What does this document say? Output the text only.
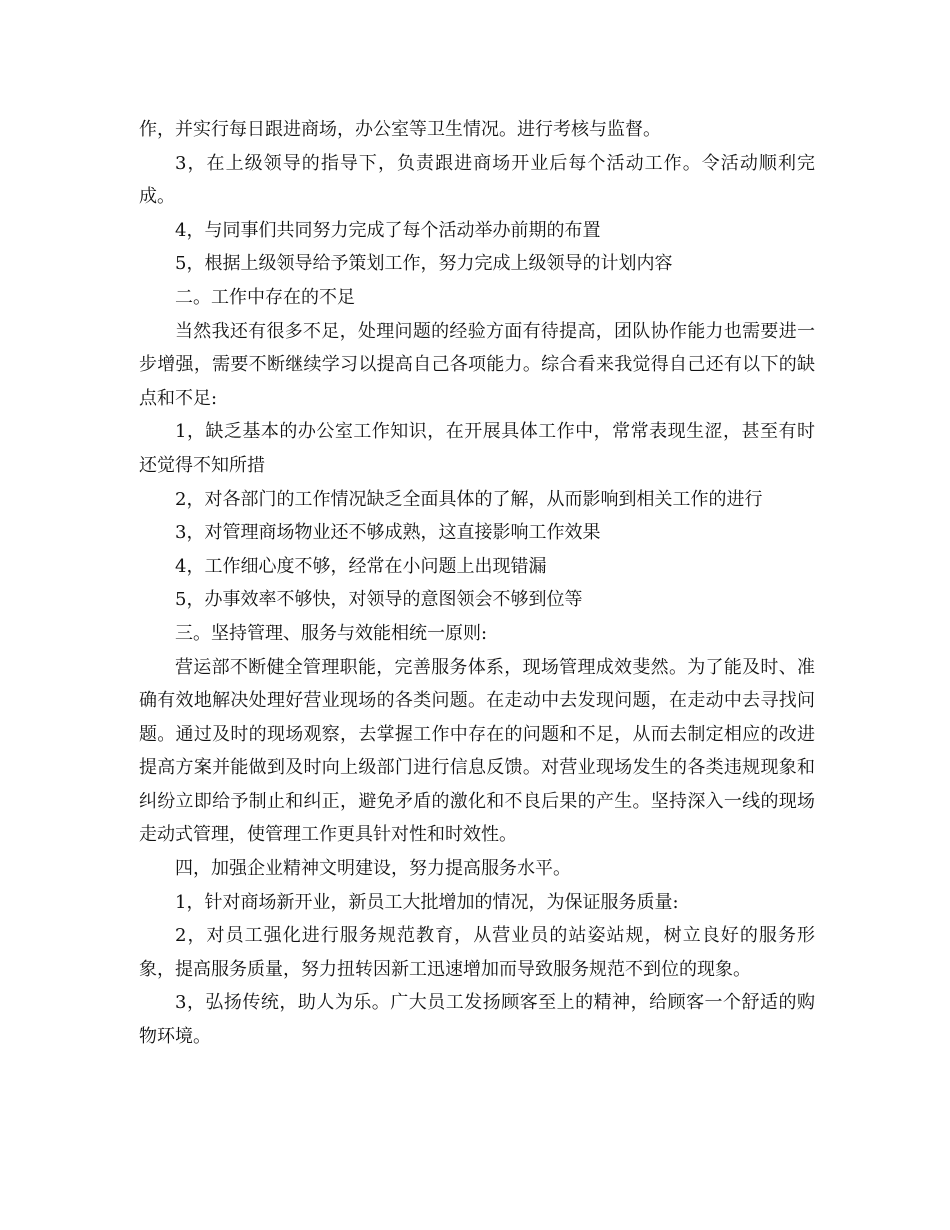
作，并实行每日跟进商场，办公室等卫生情况。进行考核与监督。

3，在上级领导的指导下，负责跟进商场开业后每个活动工作。令活动顺利完成。

4，与同事们共同努力完成了每个活动举办前期的布置

5，根据上级领导给予策划工作，努力完成上级领导的计划内容

二。工作中存在的不足

当然我还有很多不足，处理问题的经验方面有待提高，团队协作能力也需要进一步增强，需要不断继续学习以提高自己各项能力。综合看来我觉得自己还有以下的缺点和不足:

1，缺乏基本的办公室工作知识，在开展具体工作中，常常表现生涩，甚至有时还觉得不知所措

2，对各部门的工作情况缺乏全面具体的了解，从而影响到相关工作的进行

3，对管理商场物业还不够成熟，这直接影响工作效果

4，工作细心度不够，经常在小问题上出现错漏

5，办事效率不够快，对领导的意图领会不够到位等

三。坚持管理、服务与效能相统一原则:

营运部不断健全管理职能，完善服务体系，现场管理成效斐然。为了能及时、准确有效地解决处理好营业现场的各类问题。在走动中去发现问题，在走动中去寻找问题。通过及时的现场观察，去掌握工作中存在的问题和不足，从而去制定相应的改进提高方案并能做到及时向上级部门进行信息反馈。对营业现场发生的各类违规现象和纠纷立即给予制止和纠正，避免矛盾的激化和不良后果的产生。坚持深入一线的现场走动式管理，使管理工作更具针对性和时效性。

四，加强企业精神文明建设，努力提高服务水平。

1，针对商场新开业，新员工大批增加的情况，为保证服务质量:

2，对员工强化进行服务规范教育，从营业员的站姿站规，树立良好的服务形象，提高服务质量，努力扭转因新工迅速增加而导致服务规范不到位的现象。

3，弘扬传统，助人为乐。广大员工发扬顾客至上的精神，给顾客一个舒适的购物环境。
